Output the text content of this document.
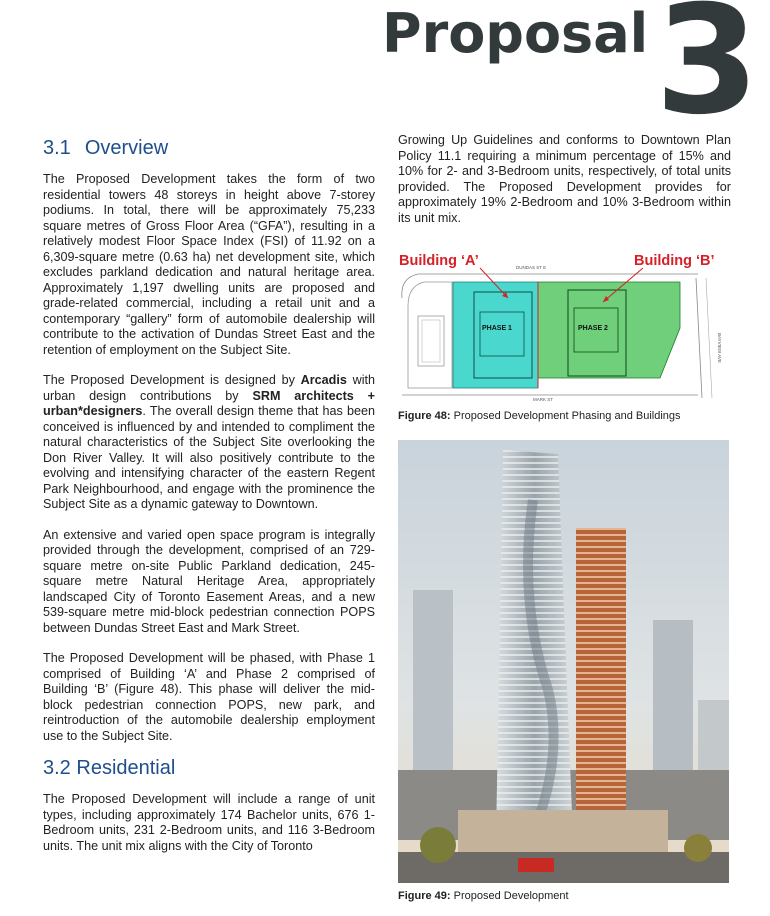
Proposal 3
3.1 Overview

The Proposed Development takes the form of two residential towers 48 storeys in height above 7-storey podiums. In total, there will be approximately 75,233 square metres of Gross Floor Area (“GFA”), resulting in a relatively modest Floor Space Index (FSI) of 11.92 on a 6,309-square metre (0.63 ha) net development site, which excludes parkland dedication and natural heritage area. Approximately 1,197 dwelling units are proposed and grade-related commercial, including a retail unit and a contemporary “gallery” form of automobile dealership will contribute to the activation of Dundas Street East and the retention of employment on the Subject Site.

The Proposed Development is designed by Arcadis with urban design contributions by SRM architects + urban*designers. The overall design theme that has been conceived is influenced by and intended to compliment the natural characteristics of the Subject Site overlooking the Don River Valley. It will also positively contribute to the evolving and intensifying character of the eastern Regent Park Neighbourhood, and engage with the prominence the Subject Site as a dynamic gateway to Downtown.

An extensive and varied open space program is integrally provided through the development, comprised of an 729-square metre on-site Public Parkland dedication, 245-square metre Natural Heritage Area, appropriately landscaped City of Toronto Easement Areas, and a new 539-square metre mid-block pedestrian connection POPS between Dundas Street East and Mark Street.

The Proposed Development will be phased, with Phase 1 comprised of Building ‘A’ and Phase 2 comprised of Building ‘B’ (Figure 48). This phase will deliver the mid-block pedestrian connection POPS, new park, and reintroduction of the automobile dealership employment use to the Subject Site.

3.2 Residential

The Proposed Development will include a range of unit types, including approximately 174 Bachelor units, 676 1-Bedroom units, 231 2-Bedroom units, and 116 3-Bedroom units. The unit mix aligns with the City of Toronto

Growing Up Guidelines and conforms to Downtown Plan Policy 11.1 requiring a minimum percentage of 15% and 10% for 2- and 3-Bedroom units, respectively, of total units provided. The Proposed Development provides for approximately 19% 2-Bedroom and 10% 3-Bedroom within its unit mix.

Building ‘A’	Building ‘B’
DUNDAS ST E
MARK ST
BAYVIEW AVE
PHASE 1	PHASE 2
Figure 48: Proposed Development Phasing and Buildings
Figure 49: Proposed Development
